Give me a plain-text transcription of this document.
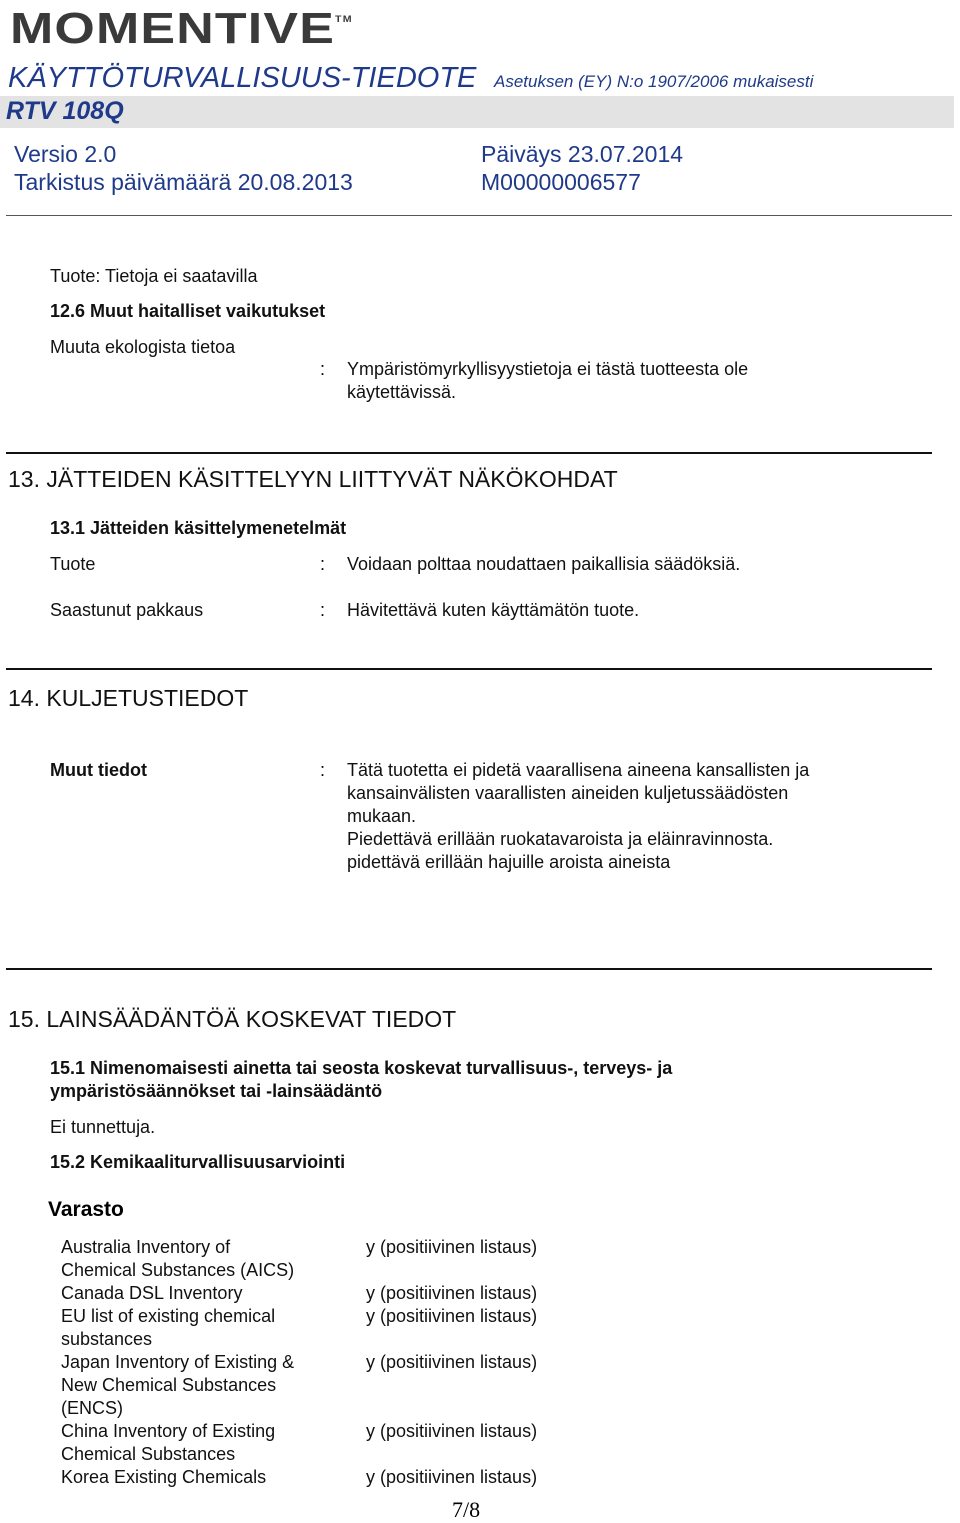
MOMENTIVE™
KÄYTTÖTURVALLISUUS-TIEDOTE Asetuksen (EY) N:o 1907/2006 mukaisesti
RTV 108Q
Versio 2.0	Päiväys 23.07.2014
Tarkistus päivämäärä 20.08.2013	M00000006577
Tuote: Tietoja ei saatavilla
12.6 Muut haitalliset vaikutukset
Muuta ekologista tietoa
: Ympäristömyrkyllisyystietoja ei tästä tuotteesta ole
käytettävissä.
13. JÄTTEIDEN KÄSITTELYYN LIITTYVÄT NÄKÖKOHDAT
13.1 Jätteiden käsittelymenetelmät
Tuote	: Voidaan polttaa noudattaen paikallisia säädöksiä.
Saastunut pakkaus	: Hävitettävä kuten käyttämätön tuote.
14. KULJETUSTIEDOT
Muut tiedot	: Tätä tuotetta ei pidetä vaarallisena aineena kansallisten ja
kansainvälisten vaarallisten aineiden kuljetussäädösten
mukaan.
Piedettävä erillään ruokatavaroista ja eläinravinnosta.
pidettävä erillään hajuille aroista aineista
15. LAINSÄÄDÄNTÖÄ KOSKEVAT TIEDOT
15.1 Nimenomaisesti ainetta tai seosta koskevat turvallisuus-, terveys- ja
ympäristösäännökset tai -lainsäädäntö
Ei tunnettuja.
15.2 Kemikaaliturvallisuusarviointi
Varasto
Australia Inventory of
Chemical Substances (AICS)
y (positiivinen listaus)
Canada DSL Inventory	y (positiivinen listaus)
EU list of existing chemical
substances
y (positiivinen listaus)
Japan Inventory of Existing &
New Chemical Substances
(ENCS)
y (positiivinen listaus)
China Inventory of Existing
Chemical Substances
y (positiivinen listaus)
Korea Existing Chemicals	y (positiivinen listaus)
7/8
